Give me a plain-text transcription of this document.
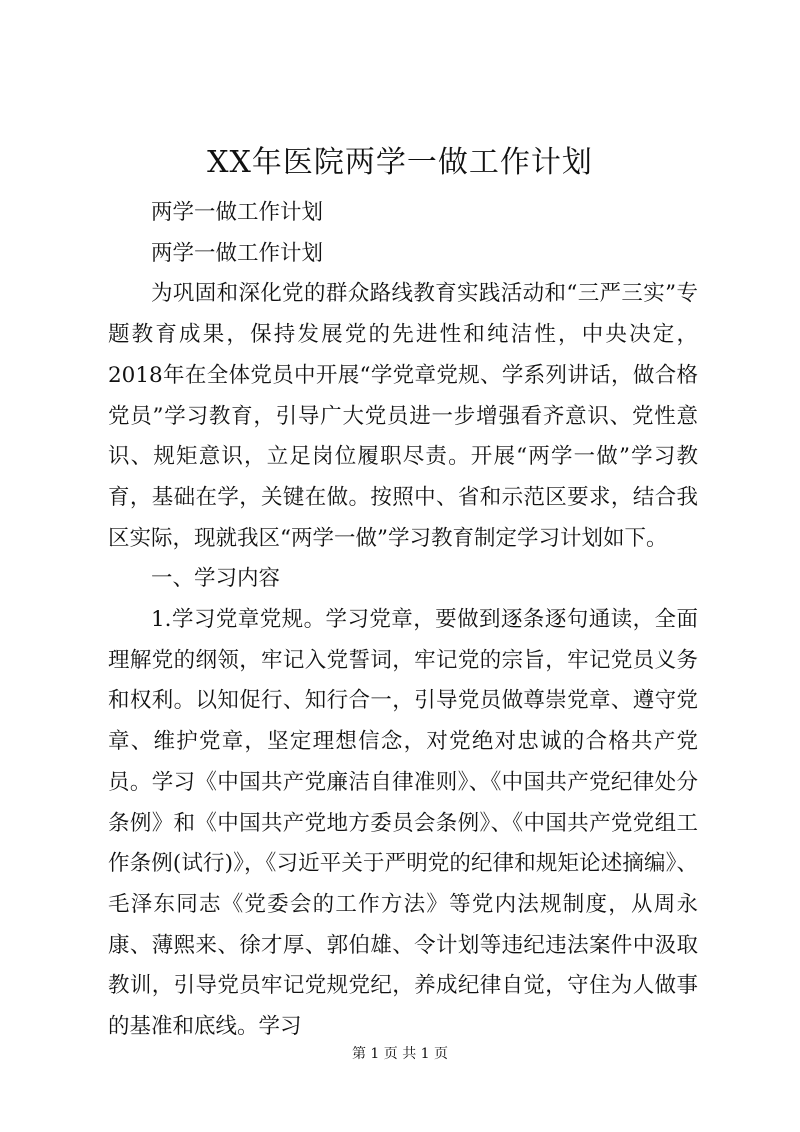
XX年医院两学一做工作计划

两学一做工作计划

两学一做工作计划

为巩固和深化党的群众路线教育实践活动和“三严三实”专题教育成果，保持发展党的先进性和纯洁性，中央决定，2018年在全体党员中开展“学党章党规、学系列讲话，做合格党员”学习教育，引导广大党员进一步增强看齐意识、党性意识、规矩意识，立足岗位履职尽责。开展“两学一做”学习教育，基础在学，关键在做。按照中、省和示范区要求，结合我区实际，现就我区“两学一做”学习教育制定学习计划如下。

一、学习内容

1.学习党章党规。学习党章，要做到逐条逐句通读，全面理解党的纲领，牢记入党誓词，牢记党的宗旨，牢记党员义务和权利。以知促行、知行合一，引导党员做尊崇党章、遵守党章、维护党章，坚定理想信念，对党绝对忠诚的合格共产党员。学习《中国共产党廉洁自律准则》、《中国共产党纪律处分条例》和《中国共产党地方委员会条例》、《中国共产党党组工作条例(试行)》，《习近平关于严明党的纪律和规矩论述摘编》、毛泽东同志《党委会的工作方法》等党内法规制度，从周永康、薄熙来、徐才厚、郭伯雄、令计划等违纪违法案件中汲取教训，引导党员牢记党规党纪，养成纪律自觉，守住为人做事的基准和底线。学习

第 1 页 共 1 页
